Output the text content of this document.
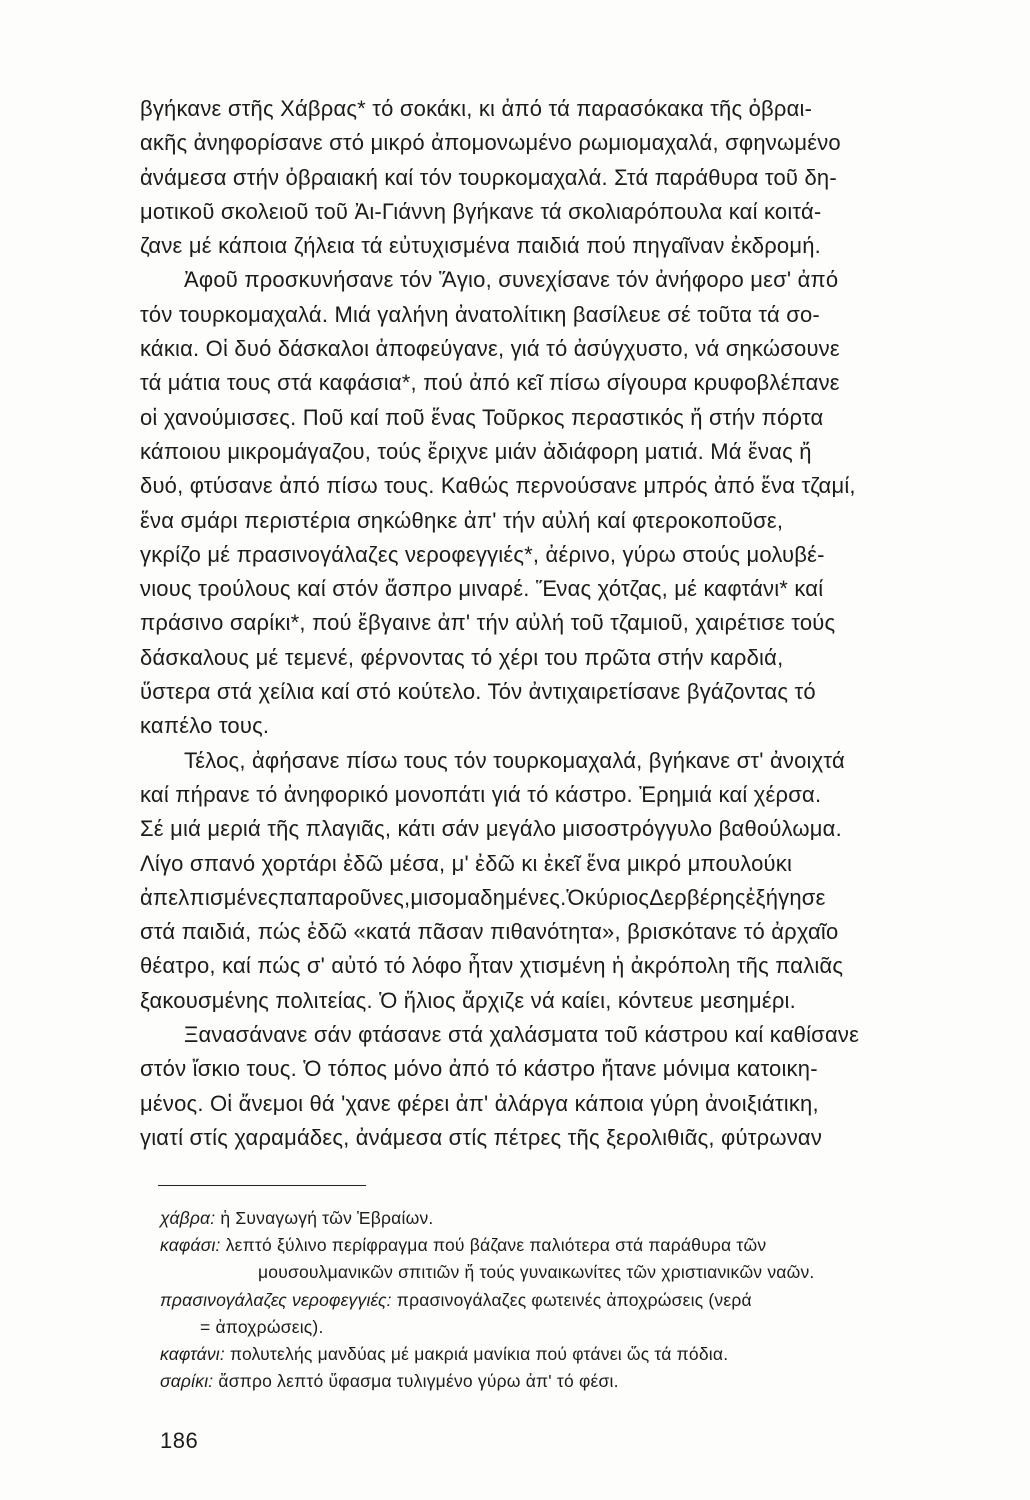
βγήκανε στῆς Χάβρας* τό σοκάκι, κι ἀπό τά παρασόκακα τῆς ὀβραι-
ακῆς ἀνηφορίσανε στό μικρό ἀπομονωμένο ρωμιομαχαλά, σφηνωμένο
ἀνάμεσα στήν ὀβραιακή καί τόν τουρκομαχαλά. Στά παράθυρα τοῦ δη-
μοτικοῦ σκολειοῦ τοῦ Ἀι-Γιάννη βγήκανε τά σκολιαρόπουλα καί κοιτά-
ζανε μέ κάποια ζήλεια τά εὐτυχισμένα παιδιά πού πηγαῖναν ἐκδρομή.
Ἀφοῦ προσκυνήσανε τόν Ἅγιο, συνεχίσανε τόν ἀνήφορο μεσ' ἀπό
τόν τουρκομαχαλά. Μιά γαλήνη ἀνατολίτικη βασίλευε σέ τοῦτα τά σο-
κάκια. Οἱ δυό δάσκαλοι ἀποφεύγανε, γιά τό ἀσύγχυστο, νά σηκώσουνε
τά μάτια τους στά καφάσια*, πού ἀπό κεῖ πίσω σίγουρα κρυφοβλέπανε
οἱ χανούμισσες. Ποῦ καί ποῦ ἕνας Τοῦρκος περαστικός ἤ στήν πόρτα
κάποιου μικρομάγαζου, τούς ἔριχνε μιάν ἀδιάφορη ματιά. Μά ἕνας ἤ
δυό, φτύσανε ἀπό πίσω τους. Καθώς περνούσανε μπρός ἀπό ἕνα τζαμί,
ἕνα σμάρι περιστέρια σηκώθηκε ἀπ' τήν αὐλή καί φτεροκοποῦσε,
γκρίζο μέ πρασινογάλαζες νεροφεγγιές*, ἀέρινο, γύρω στούς μολυβέ-
νιους τρούλους καί στόν ἄσπρο μιναρέ. Ἕνας χότζας, μέ καφτάνι* καί
πράσινο σαρίκι*, πού ἔβγαινε ἀπ' τήν αὐλή τοῦ τζαμιοῦ, χαιρέτισε τούς
δάσκαλους μέ τεμενέ, φέρνοντας τό χέρι του πρῶτα στήν καρδιά,
ὕστερα στά χείλια καί στό κούτελο. Τόν ἀντιχαιρετίσανε βγάζοντας τό
καπέλο τους.
Τέλος, ἀφήσανε πίσω τους τόν τουρκομαχαλά, βγήκανε στ' ἀνοιχτά
καί πήρανε τό ἀνηφορικό μονοπάτι γιά τό κάστρο. Ἐρημιά καί χέρσα.
Σέ μιά μεριά τῆς πλαγιᾶς, κάτι σάν μεγάλο μισοστρόγγυλο βαθούλωμα.
Λίγο σπανό χορτάρι ἐδῶ μέσα, μ' ἐδῶ κι ἐκεῖ ἕνα μικρό μπουλούκι
ἀπελπισμένεςπαπαροῦνες,μισομαδημένες.ὉκύριοςΔερβέρηςἐξήγησε
στά παιδιά, πώς ἐδῶ «κατά πᾶσαν πιθανότητα», βρισκότανε τό ἀρχαῖο
θέατρο, καί πώς σ' αὐτό τό λόφο ἦταν χτισμένη ἡ ἀκρόπολη τῆς παλιᾶς
ξακουσμένης πολιτείας. Ὁ ἥλιος ἄρχιζε νά καίει, κόντευε μεσημέρι.
Ξανασάνανε σάν φτάσανε στά χαλάσματα τοῦ κάστρου καί καθίσανε
στόν ἴσκιο τους. Ὁ τόπος μόνο ἀπό τό κάστρο ἤτανε μόνιμα κατοικη-
μένος. Οἱ ἄνεμοι θά 'χανε φέρει ἀπ' ἀλάργα κάποια γύρη ἀνοιξιάτικη,
γιατί στίς χαραμάδες, ἀνάμεσα στίς πέτρες τῆς ξερολιθιᾶς, φύτρωναν
χάβρα: ἡ Συναγωγή τῶν Ἑβραίων.
καφάσι: λεπτό ξύλινο περίφραγμα πού βάζανε παλιότερα στά παράθυρα τῶν
μουσουλμανικῶν σπιτιῶν ἤ τούς γυναικωνίτες τῶν χριστιανικῶν ναῶν.
πρασινογάλαζες νεροφεγγιές: πρασινογάλαζες φωτεινές ἀποχρώσεις (νερά
= ἀποχρώσεις).
καφτάνι: πολυτελής μανδύας μέ μακριά μανίκια πού φτάνει ὥς τά πόδια.
σαρίκι: ἄσπρο λεπτό ὕφασμα τυλιγμένο γύρω ἀπ' τό φέσι.
186
